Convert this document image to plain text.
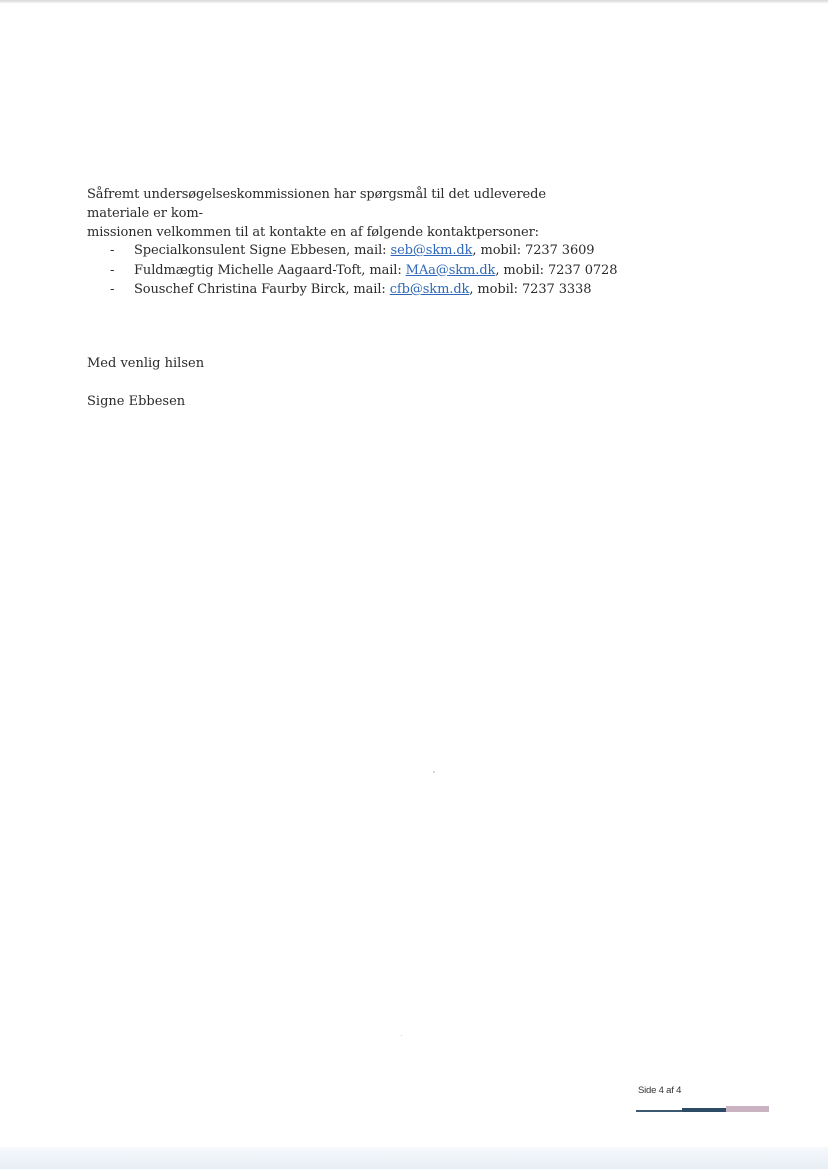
Såfremt undersøgelseskommissionen har spørgsmål til det udleverede materiale er kom-

missionen velkommen til at kontakte en af følgende kontaktpersoner:

- Specialkonsulent Signe Ebbesen, mail: seb@skm.dk, mobil: 7237 3609
- Fuldmægtig Michelle Aagaard-Toft, mail: MAa@skm.dk, mobil: 7237 0728
- Souschef Christina Faurby Birck, mail: cfb@skm.dk, mobil: 7237 3338
Med venlig hilsen
Signe Ebbesen
Side 4 af 4
